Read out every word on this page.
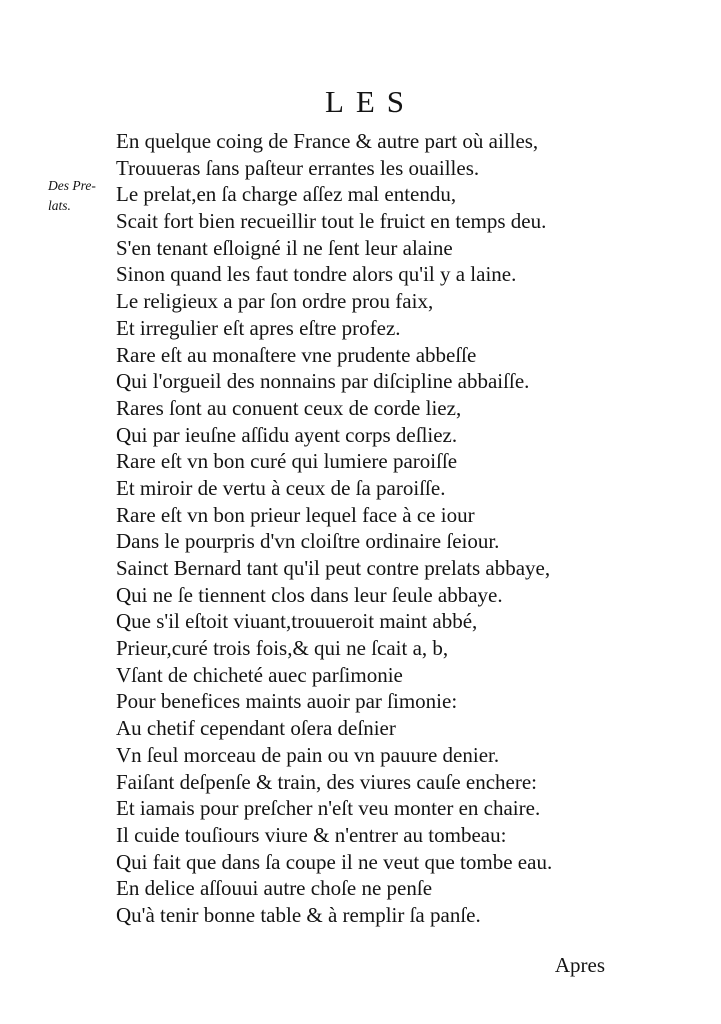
LES
Des Pre-
lats.
En quelque coing de France & autre part où ailles,
Trouueras ſans paſteur errantes les ouailles.
Le prelat,en ſa charge aſſez mal entendu,
Scait fort bien recueillir tout le fruict en temps deu.
S'en tenant eſloigné il ne ſent leur alaine
Sinon quand les faut tondre alors qu'il y a laine.
Le religieux a par ſon ordre prou faix,
Et irregulier eſt apres eſtre profez.
Rare eſt au monaſtere vne prudente abbeſſe
Qui l'orgueil des nonnains par diſcipline abbaiſſe.
Rares ſont au conuent ceux de corde liez,
Qui par ieuſne aſſidu ayent corps deſliez.
Rare eſt vn bon curé qui lumiere paroiſſe
Et miroir de vertu à ceux de ſa paroiſſe.
Rare eſt vn bon prieur lequel face à ce iour
Dans le pourpris d'vn cloiſtre ordinaire ſeiour.
Sainct Bernard tant qu'il peut contre prelats abbaye,
Qui ne ſe tiennent clos dans leur ſeule abbaye.
Que s'il eſtoit viuant,trouueroit maint abbé,
Prieur,curé trois fois,& qui ne ſcait a, b,
Vſant de chicheté auec parſimonie
Pour benefices maints auoir par ſimonie:
Au chetif cependant oſera deſnier
Vn ſeul morceau de pain ou vn pauure denier.
Faiſant deſpenſe & train, des viures cauſe enchere:
Et iamais pour preſcher n'eſt veu monter en chaire.
Il cuide touſiours viure & n'entrer au tombeau:
Qui fait que dans ſa coupe il ne veut que tombe eau.
En delice aſſouui autre choſe ne penſe
Qu'à tenir bonne table & à remplir ſa panſe.
Apres
